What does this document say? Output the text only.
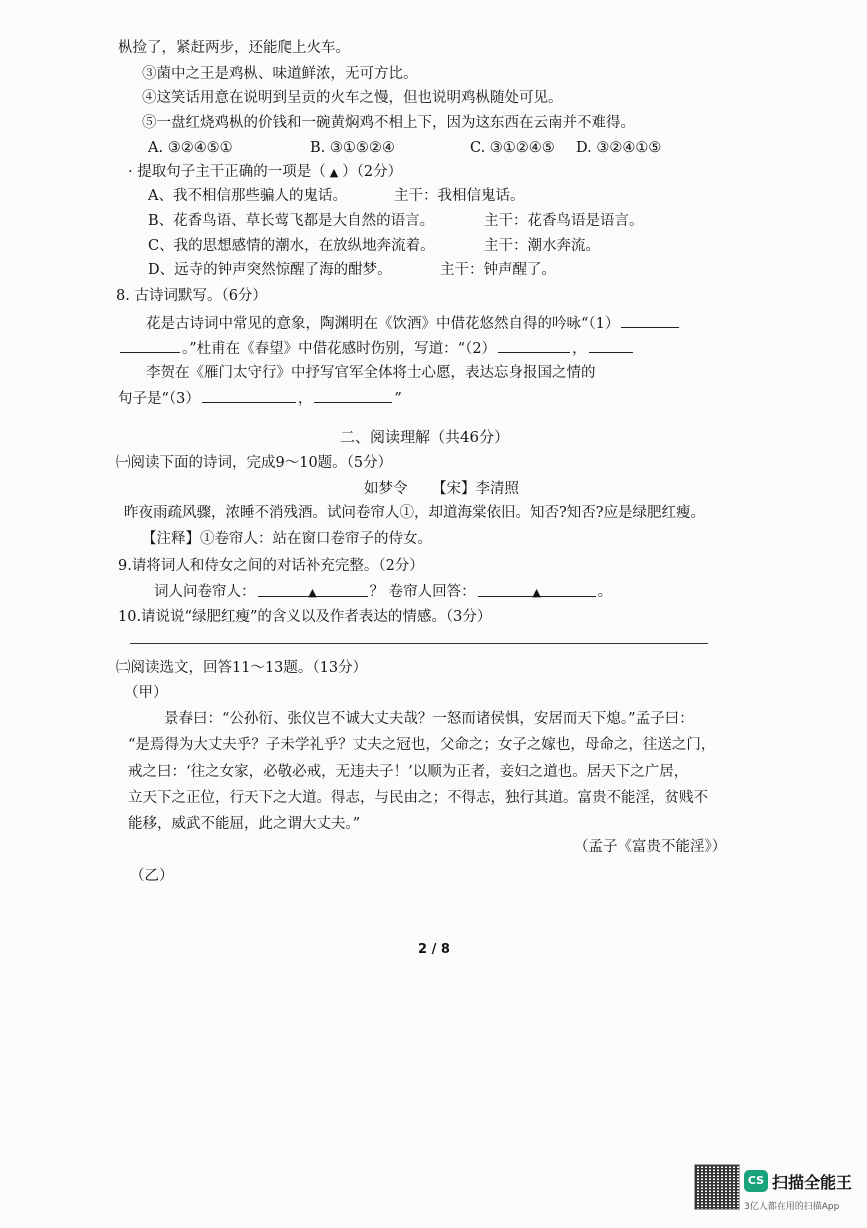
枞捡了，紧赶两步，还能爬上火车。
③菌中之王是鸡枞、味道鲜浓，无可方比。
④这笑话用意在说明到呈贡的火车之慢，但也说明鸡枞随处可见。
⑤一盘红烧鸡枞的价钱和一碗黄焖鸡不相上下，因为这东西在云南并不难得。
A. ③②④⑤①	B. ③①⑤②④	C. ③①②④⑤ D. ③②④①⑤
· 提取句子主干正确的一项是（ ▲ ）（2分）
A、我不相信那些骗人的鬼话。	主干：我相信鬼话。
B、花香鸟语、草长莺飞都是大自然的语言。	主干：花香鸟语是语言。
C、我的思想感情的潮水，在放纵地奔流着。	主干：潮水奔流。
D、远寺的钟声突然惊醒了海的酣梦。	主干：钟声醒了。
8. 古诗词默写。（6分）
花是古诗词中常见的意象，陶渊明在《饮酒》中借花悠然自得的吟咏“（1）
。”杜甫在《春望》中借花感时伤别，写道：“（2）	，
李贺在《雁门太守行》中抒写官军全体将士心愿，表达忘身报国之情的
句子是“（3）	，	”
二、阅读理解（共46分）
㈠阅读下面的诗词，完成9～10题。（5分）
如梦令 【宋】李清照
昨夜雨疏风骤，浓睡不消残酒。试问卷帘人①，却道海棠依旧。知否?知否?应是绿肥红瘦。
【注释】①卷帘人：站在窗口卷帘子的侍女。
9.请将词人和侍女之间的对话补充完整。（2分）
词人问卷帘人：	▲	？ 卷帘人回答：	▲	。
10.请说说“绿肥红瘦”的含义以及作者表达的情感。（3分）
㈡阅读选文，回答11～13题。（13分）
（甲）
景春曰：“公孙衍、张仪岂不诚大丈夫哉？一怒而诸侯惧，安居而天下熄。”孟子曰：
“是焉得为大丈夫乎？子未学礼乎？丈夫之冠也，父命之；女子之嫁也，母命之，往送之门，
戒之曰：‘往之女家，必敬必戒，无违夫子！’以顺为正者，妾妇之道也。居天下之广居，
立天下之正位，行天下之大道。得志，与民由之；不得志，独行其道。富贵不能淫，贫贱不
能移，威武不能屈，此之谓大丈夫。”
（孟子《富贵不能淫》）
（乙）
2 / 8
CS 扫描全能王
3亿人都在用的扫描App
